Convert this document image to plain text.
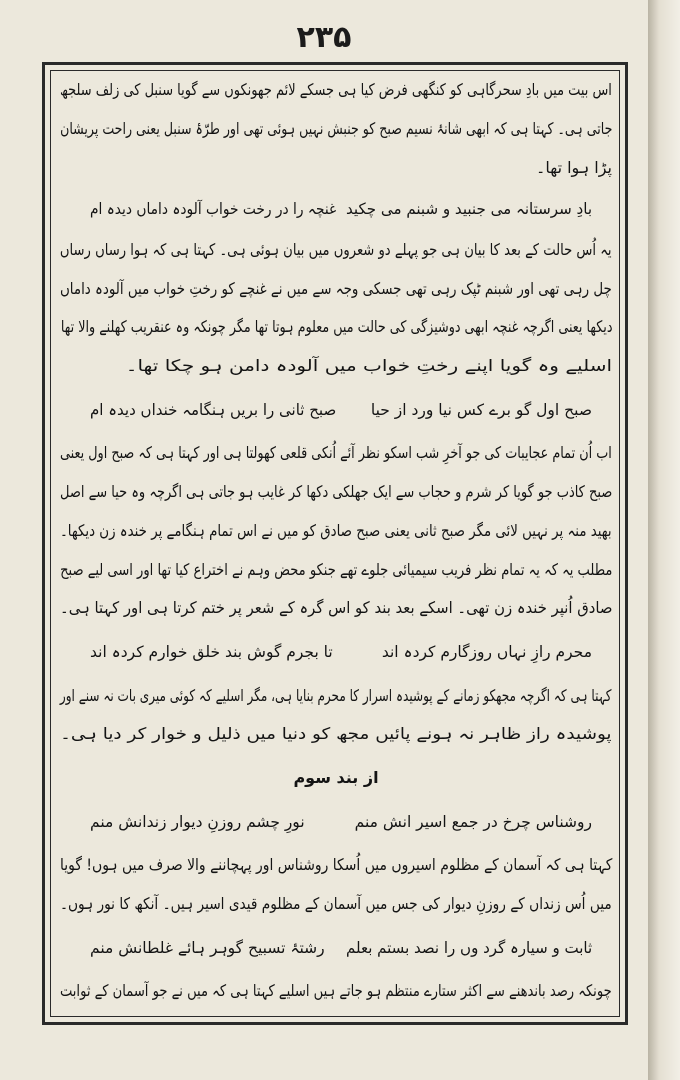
۲۳۵
اس بیت میں بادِ سحرگاہی کو کنگھی فرض کیا ہی جسکے لائم جھونکوں سے گویا سنبل کی زلف سلجھ
جاتی ہی۔ کہتا ہی کہ ابھی شانۂ نسیم صبح کو جنبش نہیں ہوئی تھی اور طرّۂ سنبل یعنی راحت پریشان
پڑا ہوا تھا۔
بادِ سرستانہ می جنبید و شبنم می چکید
غنچہ را در رخت خواب آلودہ داماں دیدہ ام
یہ اُس حالت کے بعد کا بیان ہی جو پہلے دو شعروں میں بیان ہوئی ہی۔ کہتا ہی کہ ہوا رساں رساں
چل رہی تھی اور شبنم ٹپک رہی تھی جسکی وجہ سے میں نے غنچے کو رختِ خواب میں آلودہ داماں
دیکھا یعنی اگرچہ غنچہ ابھی دوشیزگی کی حالت میں معلوم ہوتا تھا مگر چونکہ وہ عنقریب کھلنے والا تھا
اسلیے وہ گویا اپنے رختِ خواب میں آلودہ دامن ہو چکا تھا۔
صبح اول گو برے کس نیا ورد از حیا
صبح ثانی را بریں ہنگامہ خنداں دیدہ ام
اب اُن تمام عجایبات کی جو آخرِ شب اسکو نظر آئے اُنکی قلعی کھولتا ہی اور کہتا ہی کہ صبح اول یعنی
صبح کاذب جو گویا کر شرم و حجاب سے ایک جھلکی دکھا کر غایب ہو جاتی ہی اگرچہ وہ حیا سے اصل
بھید منہ پر نہیں لائی مگر صبح ثانی یعنی صبح صادق کو میں نے اس تمام ہنگامے پر خندہ زن دیکھا۔
مطلب یہ کہ یہ تمام نظر فریب سیمیائی جلوے تھے جنکو محض وہم نے اختراع کیا تھا اور اسی لیے صبح
صادق اُنپر خندہ زن تھی۔ اسکے بعد بند کو اس گرہ کے شعر پر ختم کرتا ہی اور کہتا ہی۔
محرم رازِ نہاں روزگارم کردہ اند
تا بجرم گوش بند خلق خوارم کردہ اند
کہتا ہی کہ اگرچہ مجھکو زمانے کے پوشیدہ اسرار کا محرم بنایا ہی، مگر اسلیے کہ کوئی میری بات نہ سنے اور
پوشیدہ راز ظاہر نہ ہونے پائیں مجھ کو دنیا میں ذلیل و خوار کر دیا ہی۔
از بند سوم
روشناس چرخ در جمع اسیر انش منم
نورِ چشم روزنِ دیوار زندانش منم
کہتا ہی کہ آسمان کے مظلوم اسیروں میں اُسکا روشناس اور پہچاننے والا صرف میں ہوں! گویا
میں اُس زنداں کے روزنِ دیوار کی جس میں آسمان کے مظلوم قیدی اسیر ہیں۔ آنکھ کا نور ہوں۔
ثابت و سیارہ گرد وں را نصد بستم بعلم
رشتۂ تسبیح گوہر ہائے غلطانش منم
چونکہ رصد باندھنے سے اکثر ستارے منتظم ہو جاتے ہیں اسلیے کہتا ہی کہ میں نے جو آسمان کے ثوابت
